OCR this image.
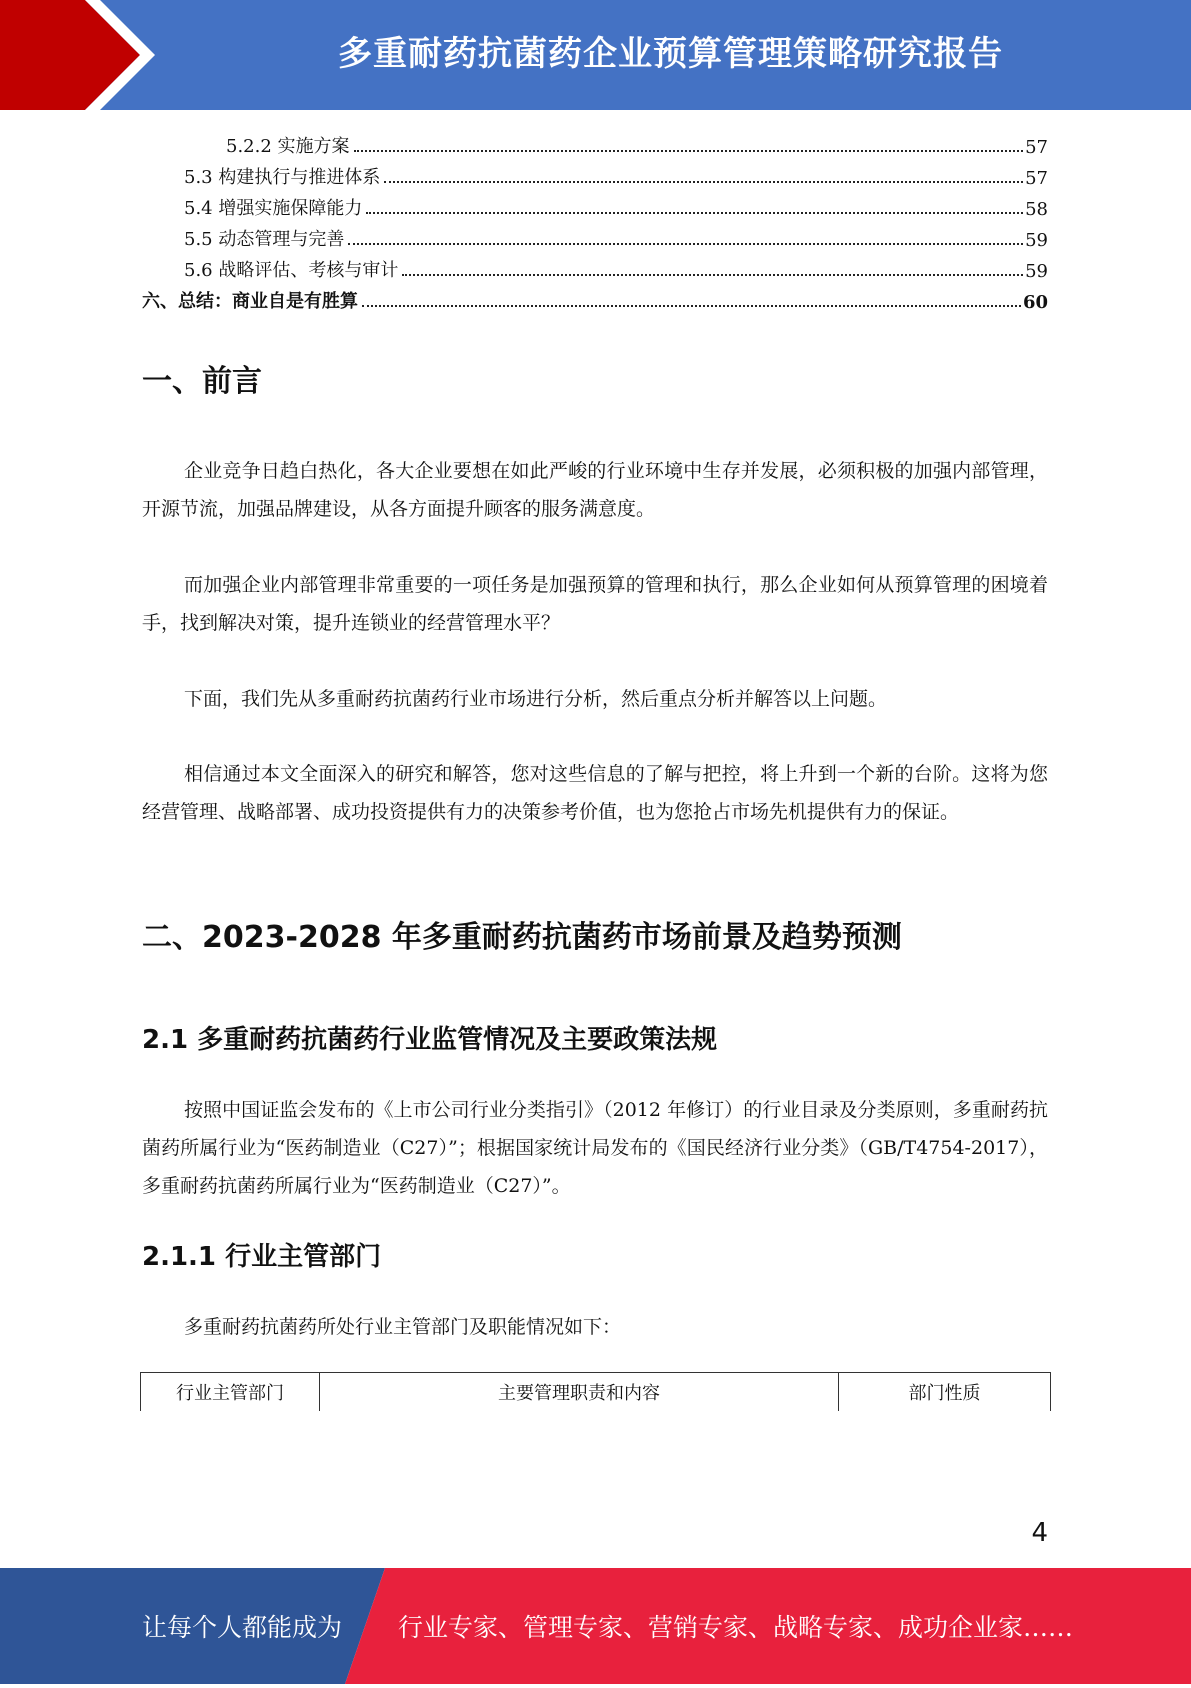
多重耐药抗菌药企业预算管理策略研究报告
5.2.2 实施方案	57
5.3 构建执行与推进体系	57
5.4 增强实施保障能力	58
5.5 动态管理与完善	59
5.6 战略评估、考核与审计	59
六、总结：商业自是有胜算	60
一、前言
企业竞争日趋白热化，各大企业要想在如此严峻的行业环境中生存并发展，必须积极的加强内部管理，开源节流，加强品牌建设，从各方面提升顾客的服务满意度。
而加强企业内部管理非常重要的一项任务是加强预算的管理和执行，那么企业如何从预算管理的困境着手，找到解决对策，提升连锁业的经营管理水平？
下面，我们先从多重耐药抗菌药行业市场进行分析，然后重点分析并解答以上问题。
相信通过本文全面深入的研究和解答，您对这些信息的了解与把控，将上升到一个新的台阶。这将为您经营管理、战略部署、成功投资提供有力的决策参考价值，也为您抢占市场先机提供有力的保证。
二、2023-2028 年多重耐药抗菌药市场前景及趋势预测
2.1 多重耐药抗菌药行业监管情况及主要政策法规
按照中国证监会发布的《上市公司行业分类指引》（2012 年修订）的行业目录及分类原则，多重耐药抗菌药所属行业为“医药制造业（C27）”；根据国家统计局发布的《国民经济行业分类》（GB/T4754-2017），多重耐药抗菌药所属行业为“医药制造业（C27）”。
2.1.1 行业主管部门
多重耐药抗菌药所处行业主管部门及职能情况如下：
行业主管部门	主要管理职责和内容	部门性质
4
让每个人都能成为 行业专家、管理专家、营销专家、战略专家、成功企业家……
